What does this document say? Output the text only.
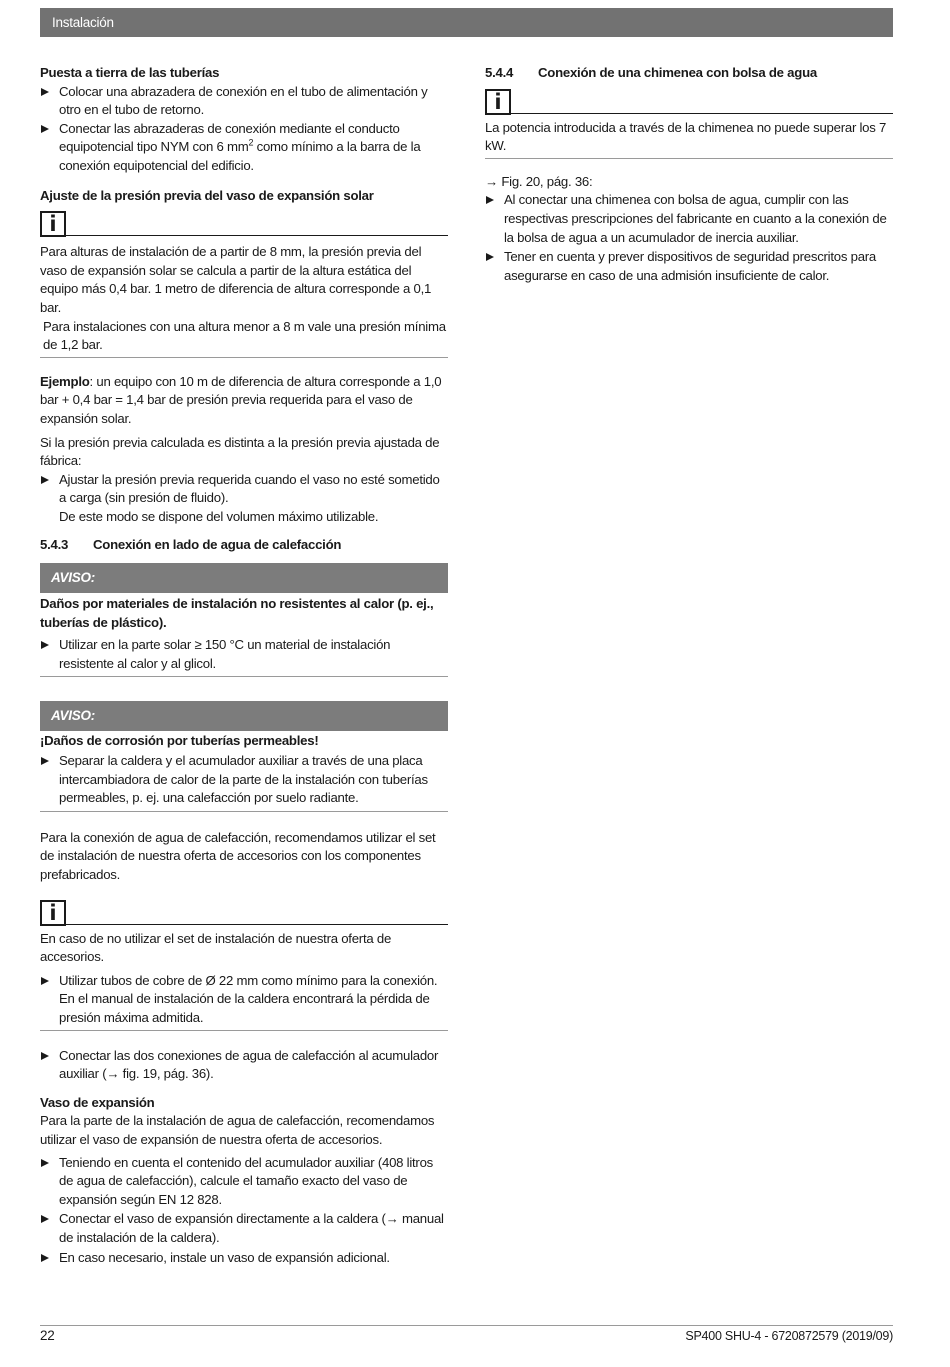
Instalación

Puesta a tierra de las tuberías

Colocar una abrazadera de conexión en el tubo de alimentación y otro en el tubo de retorno.
Conectar las abrazaderas de conexión mediante el conducto equipotencial tipo NYM con 6 $mm^2$ como mínimo a la barra de la conexión equipotencial del edificio.

Ajuste de la presión previa del vaso de expansión solar

i

Para alturas de instalación de a partir de 8 mm, la presión previa del vaso de expansión solar se calcula a partir de la altura estática del equipo más 0,4 bar. 1 metro de diferencia de altura corresponde a 0,1 bar.

Para instalaciones con una altura menor a 8 m vale una presión mínima de 1,2 bar.

Ejemplo: un equipo con 10 m de diferencia de altura corresponde a 1,0 bar + 0,4 bar = 1,4 bar de presión previa requerida para el vaso de expansión solar.

Si la presión previa calculada es distinta a la presión previa ajustada de fábrica:

Ajustar la presión previa requerida cuando el vaso no esté sometido a carga (sin presión de fluido).
De este modo se dispone del volumen máximo utilizable.
5.4.3	Conexión en lado de agua de calefacción
AVISO:

Daños por materiales de instalación no resistentes al calor (p. ej., tuberías de plástico).

Utilizar en la parte solar ≥ 150 °C un material de instalación resistente al calor y al glicol.
AVISO:

¡Daños de corrosión por tuberías permeables!

Separar la caldera y el acumulador auxiliar a través de una placa intercambiadora de calor de la parte de la instalación con tuberías permeables, p. ej. una calefacción por suelo radiante.

Para la conexión de agua de calefacción, recomendamos utilizar el set de instalación de nuestra oferta de accesorios con los componentes prefabricados.

i

En caso de no utilizar el set de instalación de nuestra oferta de accesorios.

Utilizar tubos de cobre de Ø 22 mm como mínimo para la conexión.
En el manual de instalación de la caldera encontrará la pérdida de presión máxima admitida.
Conectar las dos conexiones de agua de calefacción al acumulador auxiliar (→ fig. 19, pág. 36).

Vaso de expansión

Para la parte de la instalación de agua de calefacción, recomendamos utilizar el vaso de expansión de nuestra oferta de accesorios.

Teniendo en cuenta el contenido del acumulador auxiliar (408 litros de agua de calefacción), calcule el tamaño exacto del vaso de expansión según EN 12 828.
Conectar el vaso de expansión directamente a la caldera (→ manual de instalación de la caldera).
En caso necesario, instale un vaso de expansión adicional.
5.4.4	Conexión de una chimenea con bolsa de agua
i

La potencia introducida a través de la chimenea no puede superar los 7 kW.

→ Fig. 20, pág. 36:

Al conectar una chimenea con bolsa de agua, cumplir con las respectivas prescripciones del fabricante en cuanto a la conexión de la bolsa de agua a un acumulador de inercia auxiliar.
Tener en cuenta y prever dispositivos de seguridad prescritos para asegurarse en caso de una admisión insuficiente de calor.
22	SP400 SHU-4 - 6720872579 (2019/09)
